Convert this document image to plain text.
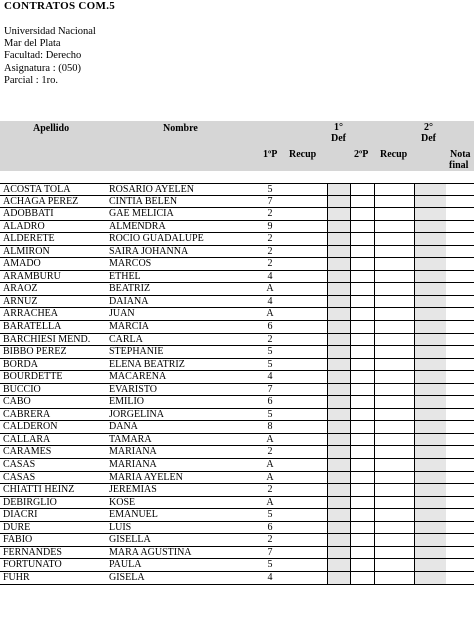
CONTRATOS COM.5
Universidad Nacional
Mar del Plata
Facultad: Derecho
Asignatura : (050)
Parcial : 1ro.
Apellido	Nombre	1°
Def
2°
Def
1ºP Recup	2ºP Recup	Nota
final
ACOSTA TOLA	ROSARIO AYELEN	5
ACHAGA PEREZ	CINTIA BELEN	7
ADOBBATI	GAE MELICIA	2
ALADRO	ALMENDRA	9
ALDERETE	ROCIO GUADALUPE	2
ALMIRON	SAIRA JOHANNA	2
AMADO	MARCOS	2
ARAMBURU	ETHEL	4
ARAOZ	BEATRIZ	A
ARNUZ	DAIANA	4
ARRACHEA	JUAN	A
BARATELLA	MARCIA	6
BARCHIESI MEND.	CARLA	2
BIBBO PEREZ	STEPHANIE	5
BORDA	ELENA BEATRIZ	5
BOURDETTE	MACARENA	4
BUCCIO	EVARISTO	7
CABO	EMILIO	6
CABRERA	JORGELINA	5
CALDERON	DANA	8
CALLARA	TAMARA	A
CARAMES	MARIANA	2
CASAS	MARIANA	A
CASAS	MARIA AYELEN	A
CHIATTI HEINZ	JEREMIAS	2
DEBIRGLIO	KOSE	A
DIACRI	EMANUEL	5
DURE	LUIS	6
FABIO	GISELLA	2
FERNANDES	MARA AGUSTINA	7
FORTUNATO	PAULA	5
FUHR	GISELA	4
